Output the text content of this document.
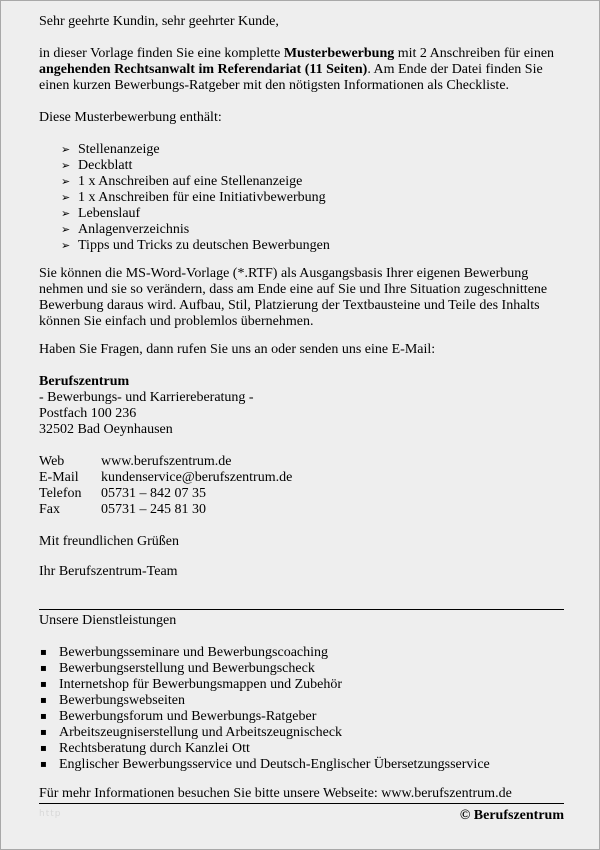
Sehr geehrte Kundin, sehr geehrter Kunde,

in dieser Vorlage finden Sie eine komplette Musterbewerbung mit 2 Anschreiben für einen angehenden Rechtsanwalt im Referendariat (11 Seiten). Am Ende der Datei finden Sie einen kurzen Bewerbungs-Ratgeber mit den nötigsten Informationen als Checkliste.

Diese Musterbewerbung enthält:

➢ Stellenanzeige
➢ Deckblatt
➢ 1 x Anschreiben auf eine Stellenanzeige
➢ 1 x Anschreiben für eine Initiativbewerbung
➢ Lebenslauf
➢ Anlagenverzeichnis
➢ Tipps und Tricks zu deutschen Bewerbungen

Sie können die MS-Word-Vorlage (*.RTF) als Ausgangsbasis Ihrer eigenen Bewerbung nehmen und sie so verändern, dass am Ende eine auf Sie und Ihre Situation zugeschnittene Bewerbung daraus wird. Aufbau, Stil, Platzierung der Textbausteine und Teile des Inhalts können Sie einfach und problemlos übernehmen.

Haben Sie Fragen, dann rufen Sie uns an oder senden uns eine E-Mail:

Berufszentrum

- Bewerbungs- und Karriereberatung -

Postfach 100 236

32502 Bad Oeynhausen

Web	www.berufszentrum.de
E-Mail	kundenservice@berufszentrum.de
Telefon	05731 – 842 07 35
Fax	05731 – 245 81 30

Mit freundlichen Grüßen

Ihr Berufszentrum-Team

Unsere Dienstleistungen

▪ Bewerbungsseminare und Bewerbungscoaching
▪ Bewerbungserstellung und Bewerbungscheck
▪ Internetshop für Bewerbungsmappen und Zubehör
▪ Bewerbungswebseiten
▪ Bewerbungsforum und Bewerbungs-Ratgeber
▪ Arbeitszeugniserstellung und Arbeitszeugnischeck
▪ Rechtsberatung durch Kanzlei Ott
▪ Englischer Bewerbungsservice und Deutsch-Englischer Übersetzungsservice

Für mehr Informationen besuchen Sie bitte unsere Webseite: www.berufszentrum.de

http	© Berufszentrum
